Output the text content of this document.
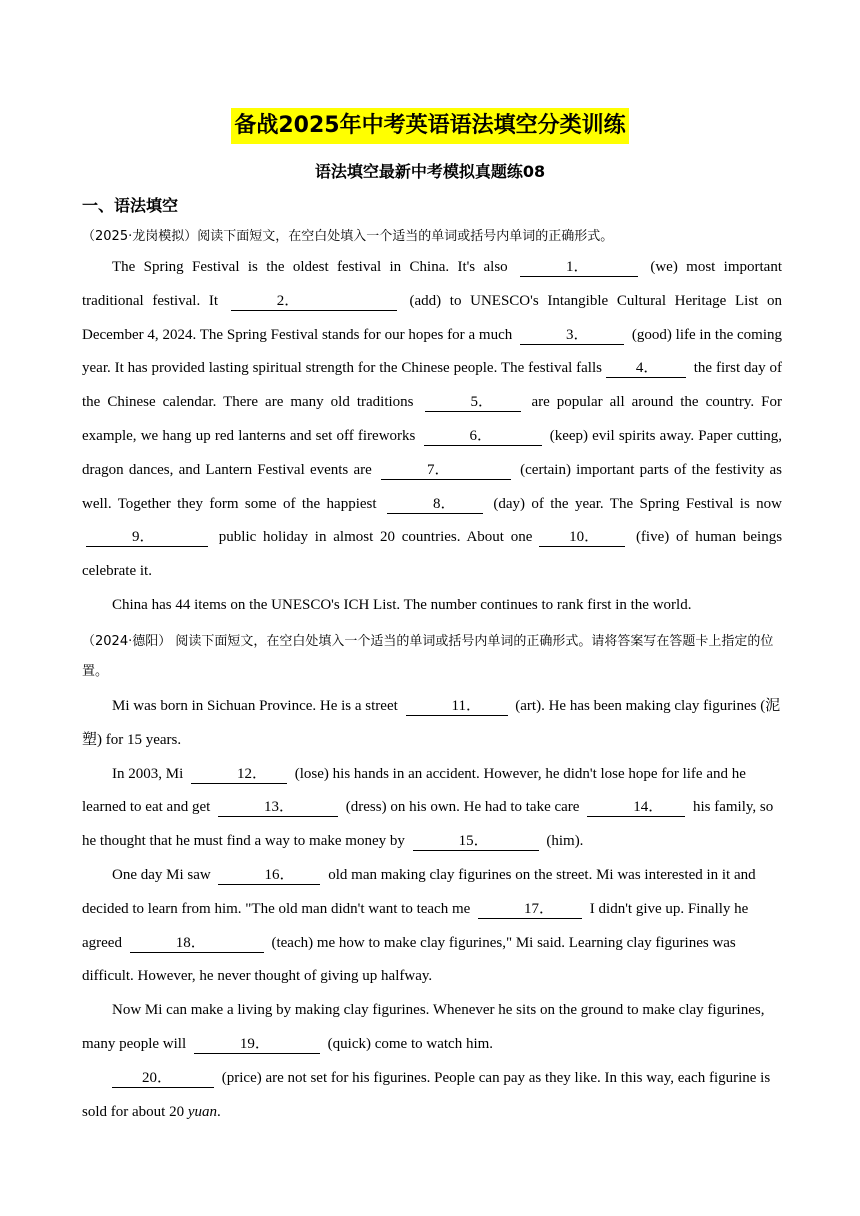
备战2025年中考英语语法填空分类训练
语法填空最新中考模拟真题练08
一、语法填空
（2025·龙岗模拟）阅读下面短文，在空白处填入一个适当的单词或括号内单词的正确形式。

The Spring Festival is the oldest festival in China. It's also	1．	(we) most important traditional festival. It	2．	(add) to UNESCO's Intangible Cultural Heritage List on December 4, 2024. The Spring Festival stands for our hopes for a much	3．	(good) life in the coming year. It has provided lasting spiritual strength for the Chinese people. The festival falls 4． the first day of the Chinese calendar. There are many old traditions	5．	are popular all around the country. For example, we hang up red lanterns and set off fireworks	6．	(keep) evil spirits away. Paper cutting, dragon dances, and Lantern Festival events are	7．	(certain) important parts of the festivity as well. Together they form some of the happiest	8．	(day) of the year. The Spring Festival is now 9．	public holiday in almost 20 countries. About one 10． (five) of human beings celebrate it.

China has 44 items on the UNESCO's ICH List. The number continues to rank first in the world.

（2024·德阳） 阅读下面短文，在空白处填入一个适当的单词或括号内单词的正确形式。请将答案写在答题卡上指定的位置。

Mi was born in Sichuan Province. He is a street	11． (art). He has been making clay figurines (泥塑) for 15 years.

In 2003, Mi	12． (lose) his hands in an accident. However, he didn't lose hope for life and he learned to eat and get	13．	(dress) on his own. He had to take care	14． his family, so he thought that he must find a way to make money by	15．	(him).

One day Mi saw	16． old man making clay figurines on the street. Mi was interested in it and decided to learn from him. "The old man didn't want to teach me	17． I didn't give up. Finally he agreed	18．	(teach) me how to make clay figurines," Mi said. Learning clay figurines was difficult. However, he never thought of giving up halfway.

Now Mi can make a living by making clay figurines. Whenever he sits on the ground to make clay figurines, many people will	19．	(quick) come to watch him.

20．	(price) are not set for his figurines. People can pay as they like. In this way, each figurine is sold for about 20 yuan.
